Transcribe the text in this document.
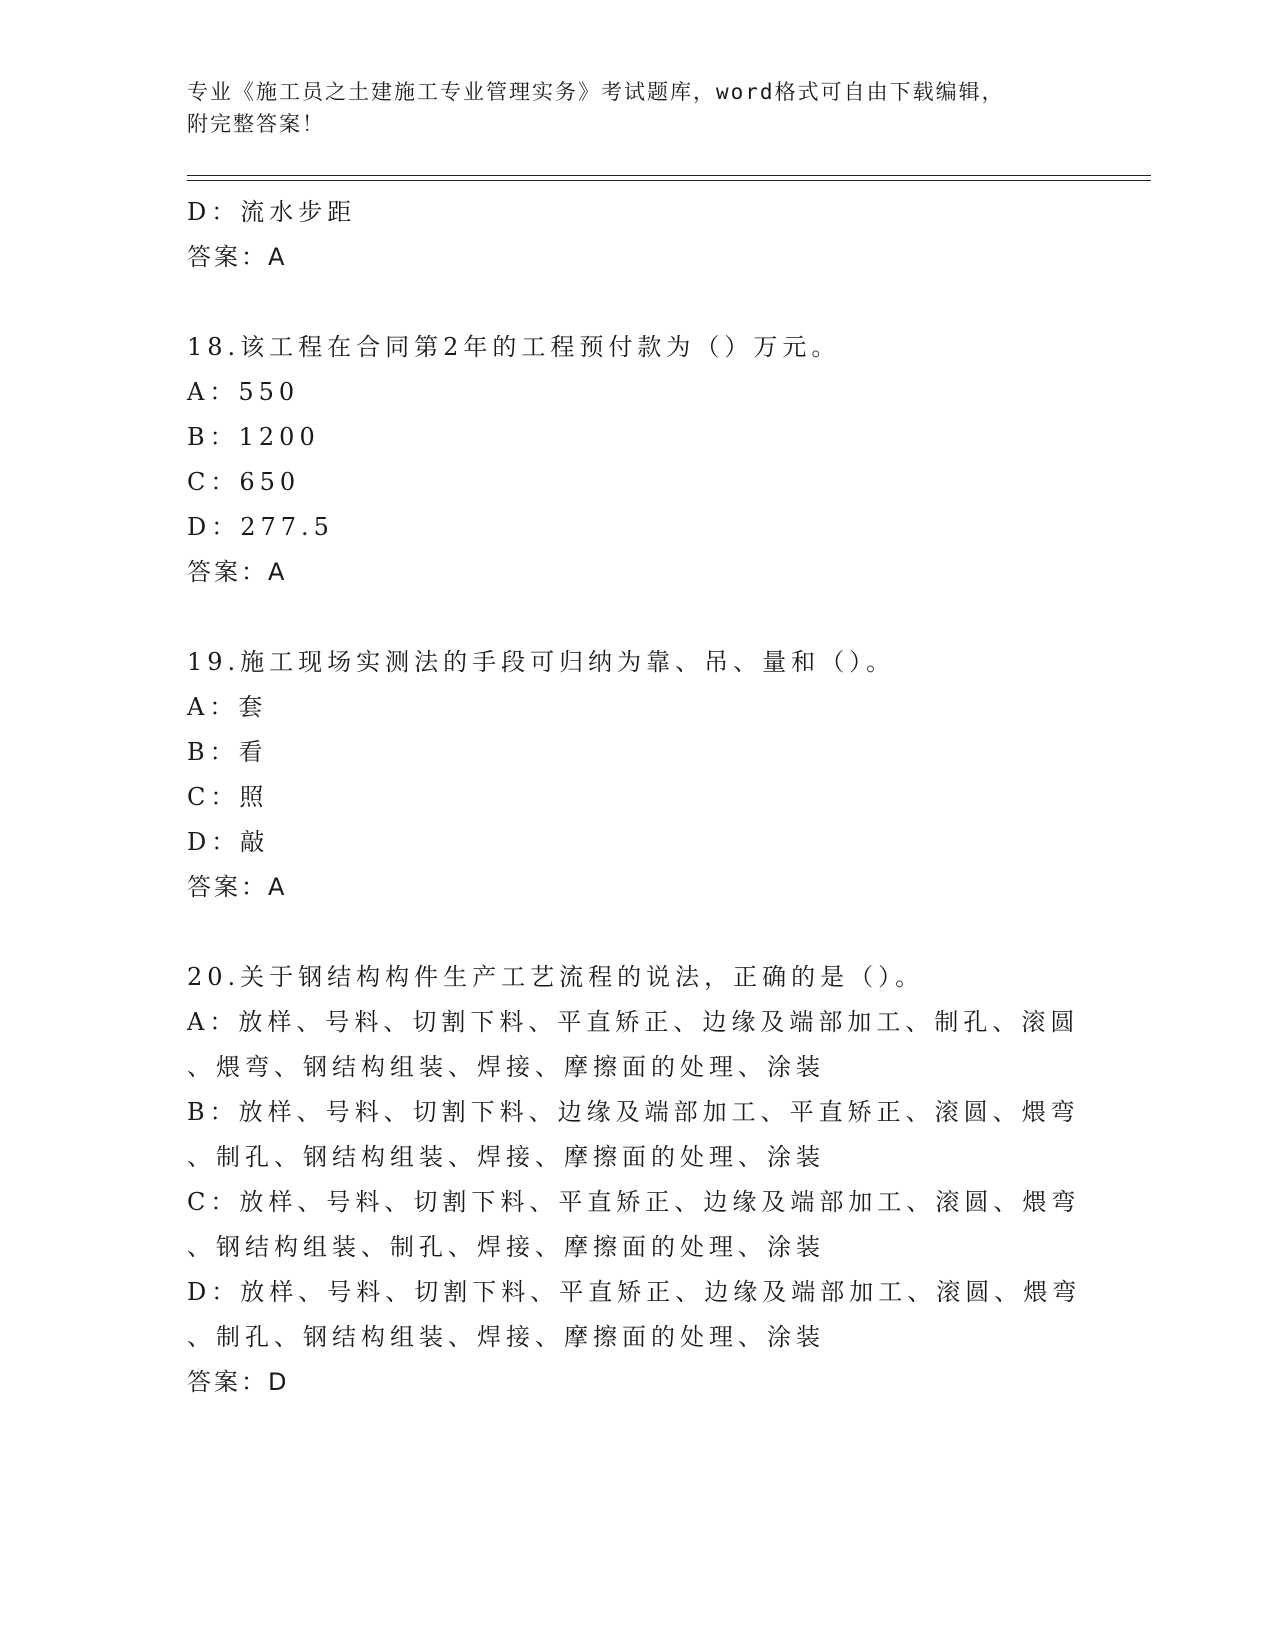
专业《施工员之土建施工专业管理实务》考试题库，word格式可自由下载编辑，
附完整答案！
D：流水步距
答案：A
18.该工程在合同第2年的工程预付款为（）万元。
A：550
B：1200
C：650
D：277.5
答案：A
19.施工现场实测法的手段可归纳为靠、吊、量和（）。
A：套
B：看
C：照
D：敲
答案：A
20.关于钢结构构件生产工艺流程的说法，正确的是（）。
A：放样、号料、切割下料、平直矫正、边缘及端部加工、制孔、滚圆
、煨弯、钢结构组装、焊接、摩擦面的处理、涂装
B：放样、号料、切割下料、边缘及端部加工、平直矫正、滚圆、煨弯
、制孔、钢结构组装、焊接、摩擦面的处理、涂装
C：放样、号料、切割下料、平直矫正、边缘及端部加工、滚圆、煨弯
、钢结构组装、制孔、焊接、摩擦面的处理、涂装
D：放样、号料、切割下料、平直矫正、边缘及端部加工、滚圆、煨弯
、制孔、钢结构组装、焊接、摩擦面的处理、涂装
答案：D
